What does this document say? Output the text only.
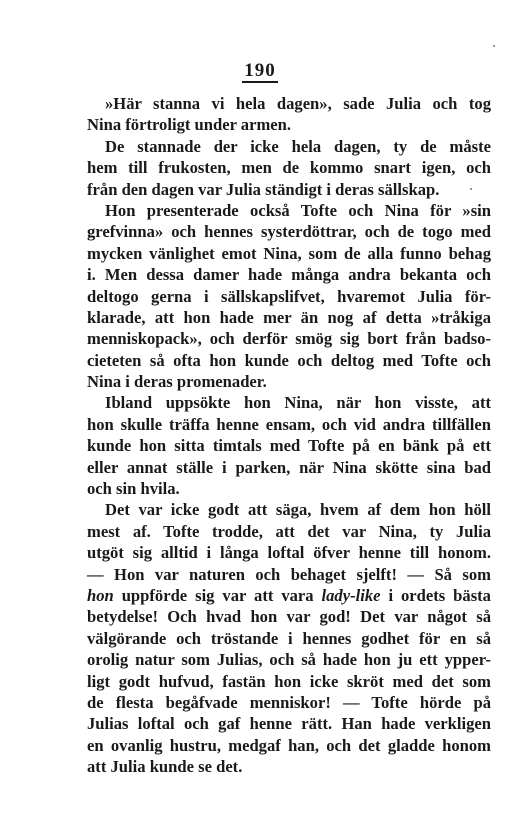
190
»Här stanna vi hela dagen», sade Julia och tog
Nina förtroligt under armen.
De stannade der icke hela dagen, ty de måste
hem till frukosten, men de kommo snart igen, och
från den dagen var Julia ständigt i deras sällskap.
Hon presenterade också Tofte och Nina för »sin
grefvinna» och hennes systerdöttrar, och de togo med
mycken vänlighet emot Nina, som de alla funno behag
i. Men dessa damer hade många andra bekanta och
deltogo gerna i sällskapslifvet, hvaremot Julia för-
klarade, att hon hade mer än nog af detta »tråkiga
menniskopack», och derför smög sig bort från badso-
cieteten så ofta hon kunde och deltog med Tofte och
Nina i deras promenader.
Ibland uppsökte hon Nina, när hon visste, att
hon skulle träffa henne ensam, och vid andra tillfällen
kunde hon sitta timtals med Tofte på en bänk på ett
eller annat ställe i parken, när Nina skötte sina bad
och sin hvila.
Det var icke godt att säga, hvem af dem hon höll
mest af. Tofte trodde, att det var Nina, ty Julia
utgöt sig alltid i långa loftal öfver henne till honom.
— Hon var naturen och behaget sjelft! — Så som
hon uppförde sig var att vara lady-like i ordets bästa
betydelse! Och hvad hon var god! Det var något så
välgörande och tröstande i hennes godhet för en så
orolig natur som Julias, och så hade hon ju ett ypper-
ligt godt hufvud, fastän hon icke skröt med det som
de flesta begåfvade menniskor! — Tofte hörde på
Julias loftal och gaf henne rätt. Han hade verkligen
en ovanlig hustru, medgaf han, och det gladde honom
att Julia kunde se det.
